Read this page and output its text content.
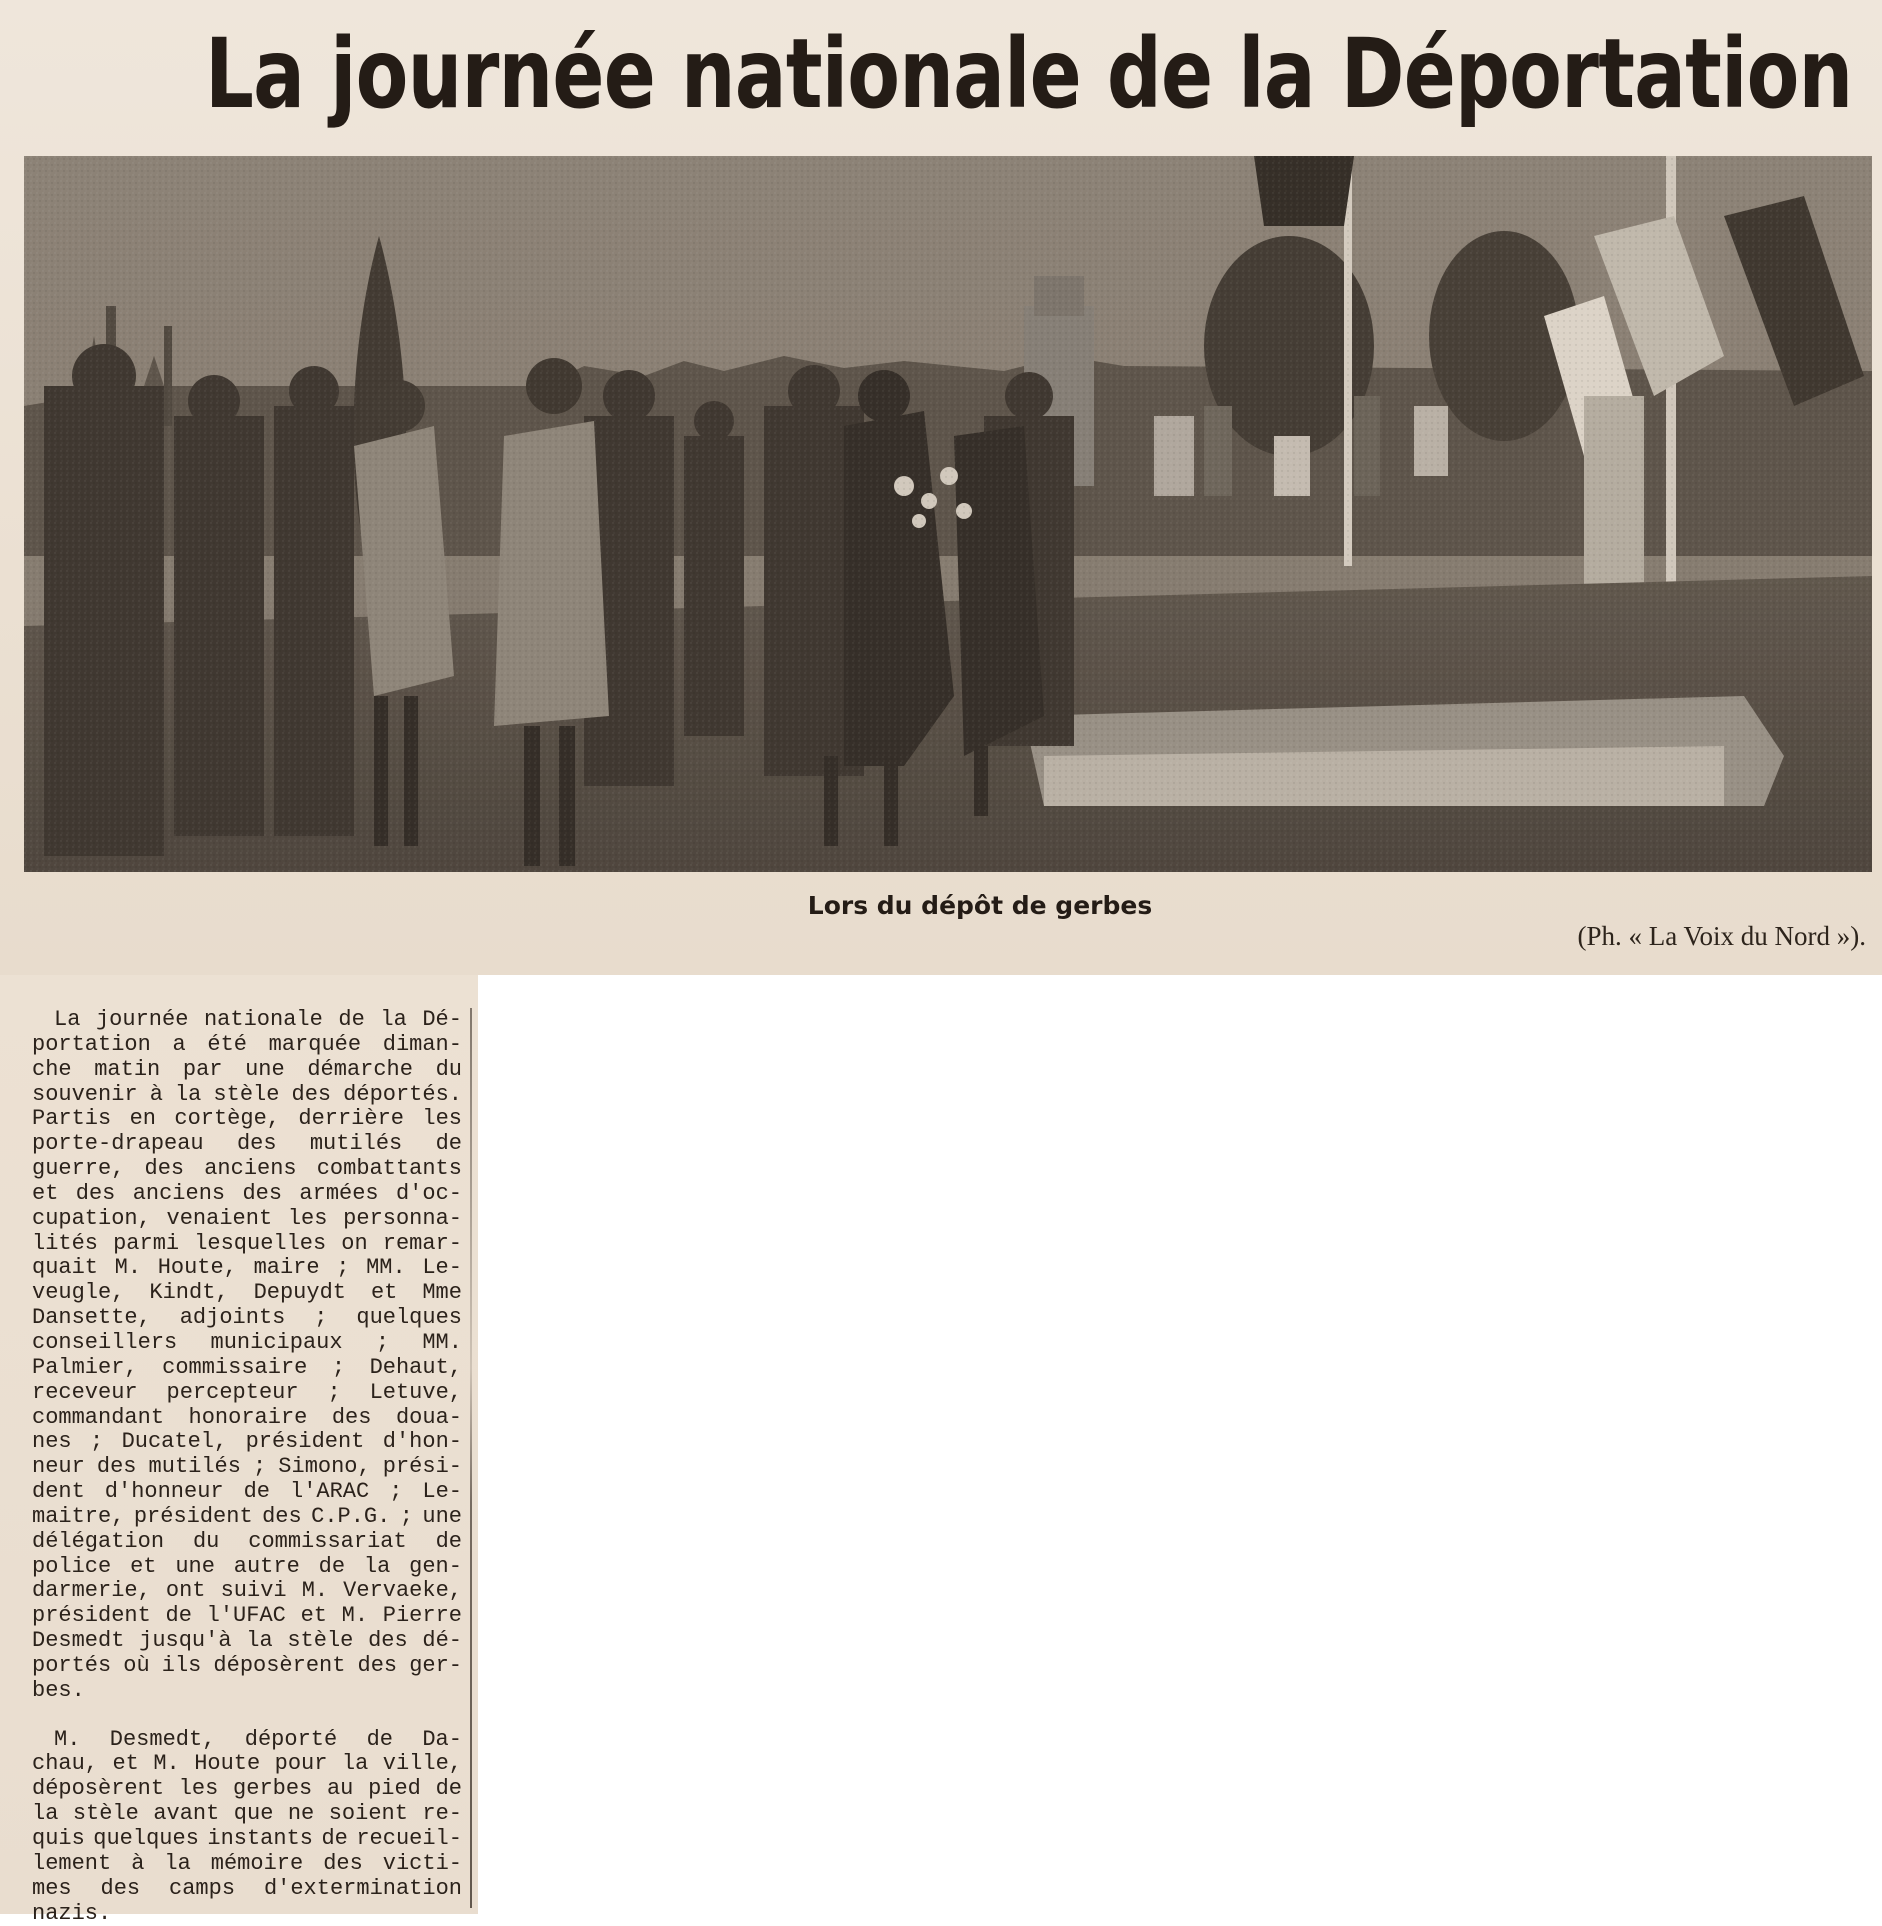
La journée nationale de la Déportation
Lors du dépôt de gerbes
(Ph. « La Voix du Nord »).
La journée nationale de la Dé-
portation a été marquée diman-
che matin par une démarche du
souvenir à la stèle des déportés.
Partis en cortège, derrière les
porte-drapeau des mutilés de
guerre, des anciens combattants
et des anciens des armées d'oc-
cupation, venaient les personna-
lités parmi lesquelles on remar-
quait M. Houte, maire ; MM. Le-
veugle, Kindt, Depuydt et Mme
Dansette, adjoints ; quelques
conseillers municipaux ; MM.
Palmier, commissaire ; Dehaut,
receveur percepteur ; Letuve,
commandant honoraire des doua-
nes ; Ducatel, président d'hon-
neur des mutilés ; Simono, prési-
dent d'honneur de l'ARAC ; Le-
maitre, président des C.P.G. ; une
délégation du commissariat de
police et une autre de la gen-
darmerie, ont suivi M. Vervaeke,
président de l'UFAC et M. Pierre
Desmedt jusqu'à la stèle des dé-
portés où ils déposèrent des ger-
bes.
M. Desmedt, déporté de Da-
chau, et M. Houte pour la ville,
déposèrent les gerbes au pied de
la stèle avant que ne soient re-
quis quelques instants de recueil-
lement à la mémoire des victi-
mes des camps d'extermination
nazis.
